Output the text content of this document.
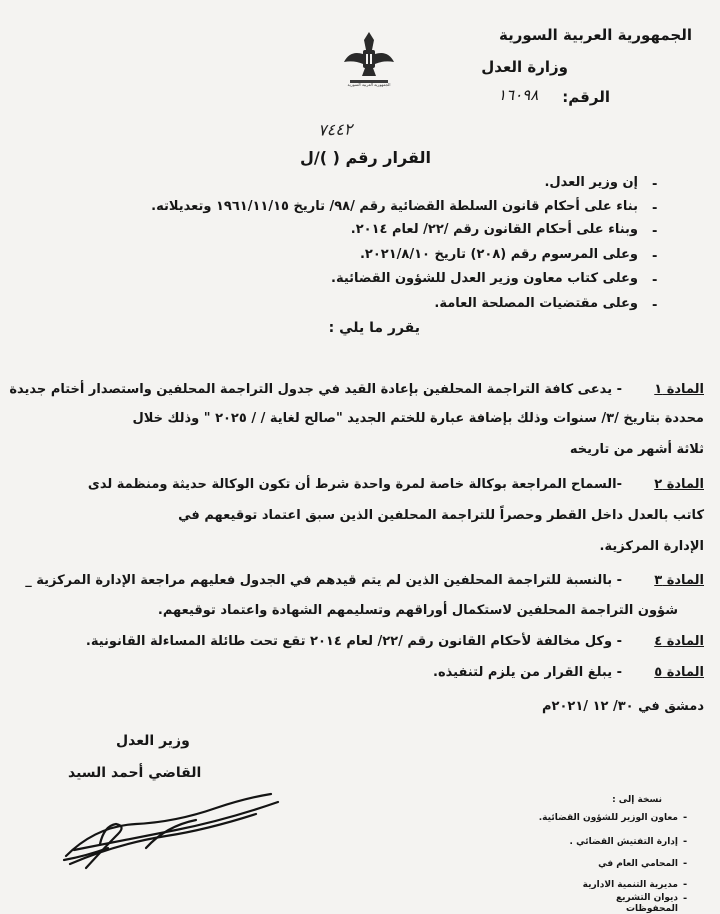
الجمهورية العربية السورية
وزارة العدل
الرقم:
١٦٠٩٨
الجمهورية العربية السورية
٧٤٤٢
القرار رقم ( )/ل
-
إن وزير العدل.
-
بناء على أحكام قانون السلطة القضائية رقم /٩٨/ تاريخ ١٩٦١/١١/١٥ وتعديلاته.
-
وبناء على أحكام القانون رقم /٢٢/ لعام ٢٠١٤.
-
وعلى المرسوم رقم (٢٠٨) تاريخ ٢٠٢١/٨/١٠.
-
وعلى كتاب معاون وزير العدل للشؤون القضائية.
-
وعلى مقتضيات المصلحة العامة.
يقرر ما يلي :
المادة ١
- يدعى كافة التراجمة المحلفين بإعادة القيد في جدول التراجمة المحلفين واستصدار أختام جديدة
محددة بتاريخ /٣/ سنوات وذلك بإضافة عبارة للختم الجديد "صالح لغاية / / ٢٠٢٥ " وذلك خلال
ثلاثة أشهر من تاريخه
المادة ٢
-السماح المراجعة بوكالة خاصة لمرة واحدة شرط أن تكون الوكالة حديثة ومنظمة لدى
كاتب بالعدل داخل القطر وحصراً للتراجمة المحلفين الذين سبق اعتماد توقيعهم في
الإدارة المركزية.
المادة ٣
- بالنسبة للتراجمة المحلفين الذين لم يتم قيدهم في الجدول فعليهم مراجعة الإدارة المركزية _
شؤون التراجمة المحلفين لاستكمال أوراقهم وتسليمهم الشهادة واعتماد توقيعهم.
المادة ٤
- وكل مخالفة لأحكام القانون رقم /٢٢/ لعام ٢٠١٤ تقع تحت طائلة المساءلة القانونية.
المادة ٥
- يبلغ القرار من يلزم لتنفيذه.
دمشق في ٣٠/ ١٢ /٢٠٢١م
وزير العدل
القاضي أحمد السيد
نسخة إلى :
-
معاون الوزير للشؤون القضائية.
-
إدارة التفتيش القضائي .
-
المحامي العام في
-
مديرية التنمية الادارية
-
ديوان التشريع
المحفوظات
